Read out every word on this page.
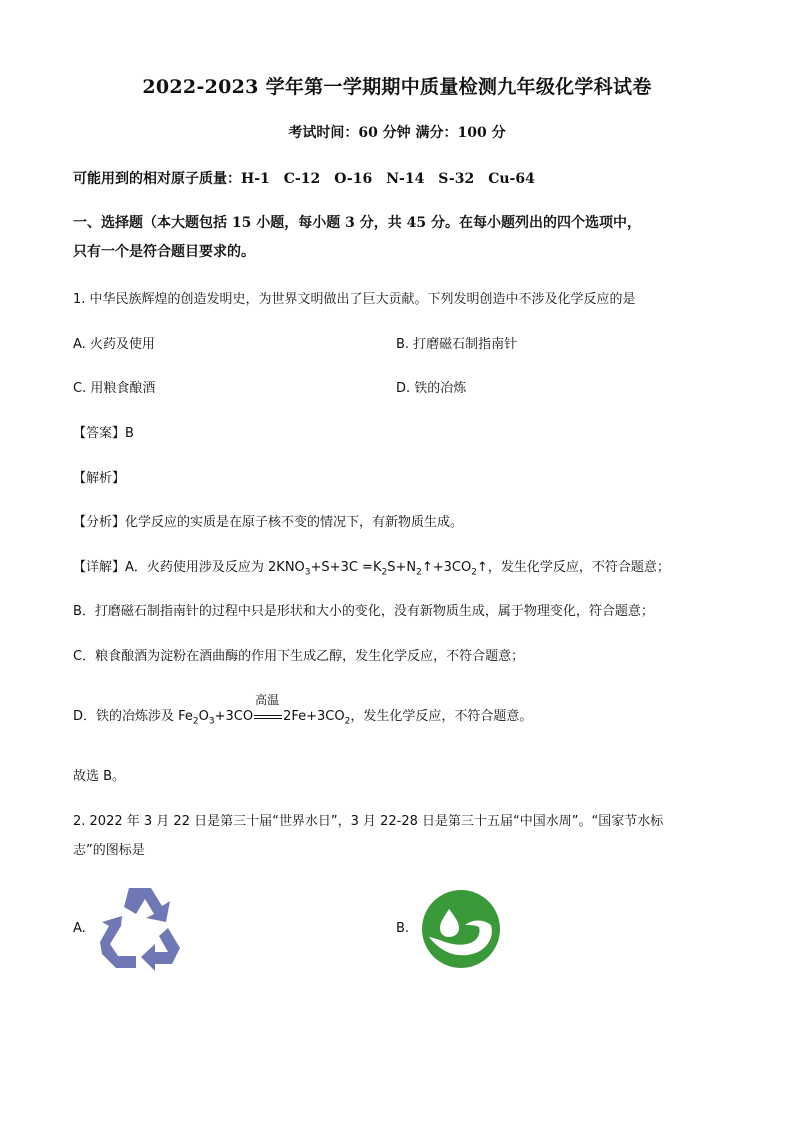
2022-2023 学年第一学期期中质量检测九年级化学科试卷
考试时间：60 分钟 满分：100 分
可能用到的相对原子质量：H-1　C-12　O-16　N-14　S-32　Cu-64
一、选择题（本大题包括 15 小题，每小题 3 分，共 45 分。在每小题列出的四个选项中，
只有一个是符合题目要求的。
1. 中华民族辉煌的创造发明史，为世界文明做出了巨大贡献。下列发明创造中不涉及化学反应的是
A. 火药及使用	B. 打磨磁石制指南针
C. 用粮食酿酒	D. 铁的冶炼
【答案】B
【解析】
【分析】化学反应的实质是在原子核不变的情况下，有新物质生成。
【详解】A．火药使用涉及反应为 $2KNO_3+S+3C$ $=K_2S+N_2↑+3CO_2↑$，发生化学反应，不符合题意；
B．打磨磁石制指南针的过程中只是形状和大小的变化，没有新物质生成，属于物理变化，符合题意；
C．粮食酿酒为淀粉在酒曲酶的作用下生成乙醇，发生化学反应，不符合题意；
D．铁的冶炼涉及 $Fe_2O_3+3CO$
高温
$2Fe+3CO_2$，发生化学反应，不符合题意。
故选 B。
2. 2022 年 3 月 22 日是第三十届“世界水日”，3 月 22-28 日是第三十五届“中国水周”。“国家节水标
志”的图标是
A.	B.
